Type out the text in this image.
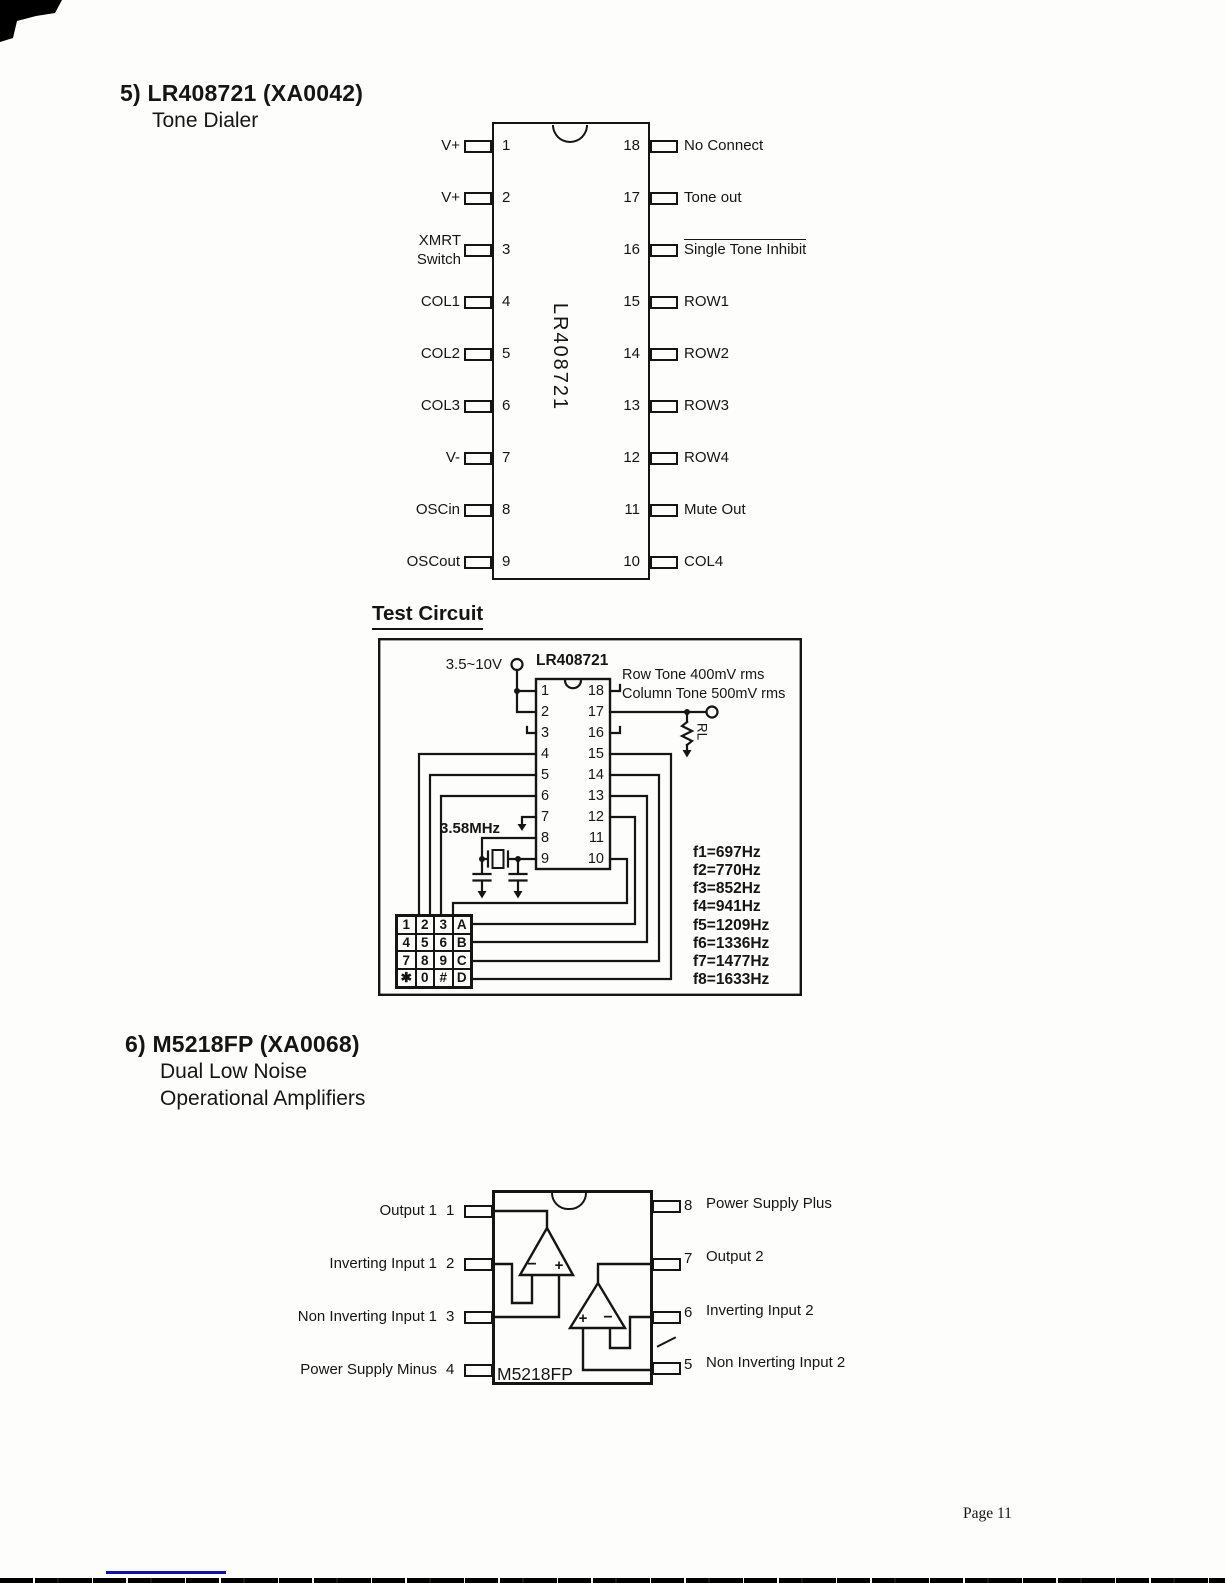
5) LR408721 (XA0042)
Tone Dialer
LR408721
1
2
3
4
5
6
7
8
9
18
17
16
15
14
13
12
11
10
V+
V+
XMRT Switch
COL1
COL2
COL3
V-
OSCin
OSCout
No Connect
Tone out
Single Tone Inhibit
ROW1
ROW2
ROW3
ROW4
Mute Out
COL4
Test Circuit
3.5~10V LR408721
Row Tone 400mV rms
Column Tone 500mV rms
RL
3.58MHz
1
2
3
4
5
6
7
8
9
18
17
16
15
14
13
12
11
10
1 2 3 A
4 5 6 B
7 8 9 C
✱ 0 # D
f1=697Hz
f2=770Hz
f3=852Hz
f4=941Hz
f5=1209Hz
f6=1336Hz
f7=1477Hz
f8=1633Hz
6) M5218FP (XA0068)
Dual Low Noise
Operational Amplifiers
− +
+ −
M5218FP
1
2
3
4
Output 1
Inverting Input 1
Non Inverting Input 1
Power Supply Minus
8
7
6
5
Power Supply Plus
Output 2
Inverting Input 2
Non Inverting Input 2
Page 11
